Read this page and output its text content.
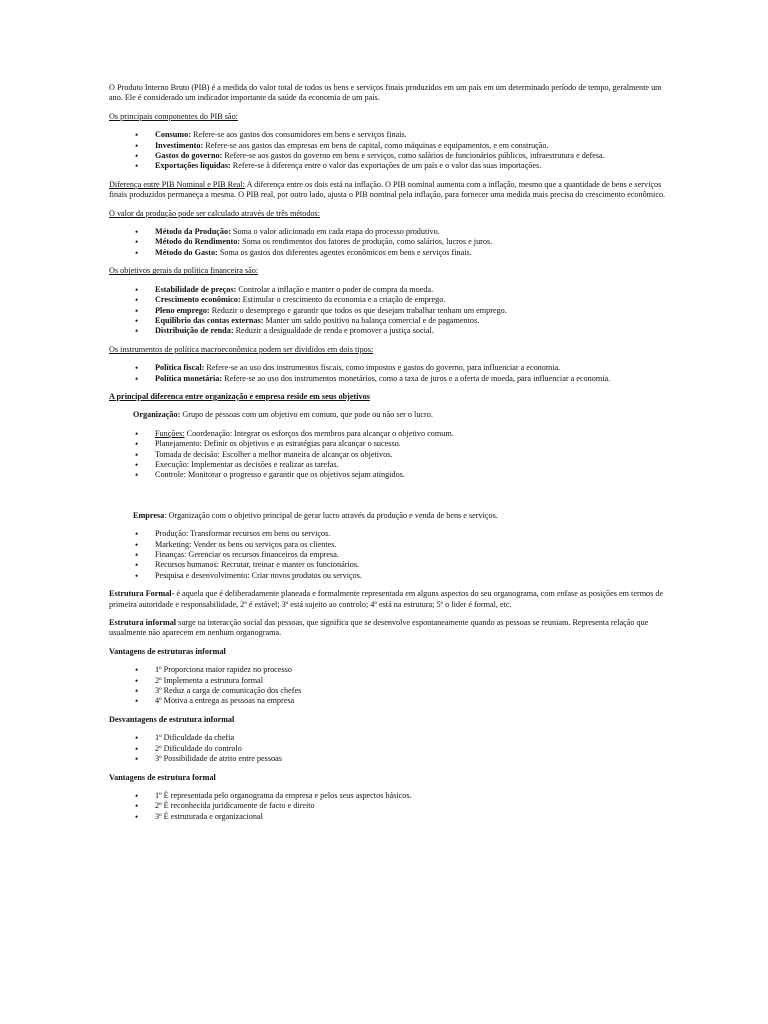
O Produto Interno Bruto (PIB) é a medida do valor total de todos os bens e serviços finais produzidos em um país em um determinado período de tempo, geralmente um ano. Ele é considerado um indicador importante da saúde da economia de um país.

Os principais componentes do PIB são:

• Consumo: Refere-se aos gastos dos consumidores em bens e serviços finais.
• Investimento: Refere-se aos gastos das empresas em bens de capital, como máquinas e equipamentos, e em construção.
• Gastos do governo: Refere-se aos gastos do governo em bens e serviços, como salários de funcionários públicos, infraestrutura e defesa.
• Exportações líquidas: Refere-se à diferença entre o valor das exportações de um país e o valor das suas importações.

Diferença entre PIB Nominal e PIB Real: A diferença entre os dois está na inflação. O PIB nominal aumenta com a inflação, mesmo que a quantidade de bens e serviços finais produzidos permaneça a mesma. O PIB real, por outro lado, ajusta o PIB nominal pela inflação, para fornecer uma medida mais precisa do crescimento econômico.

O valor da produção pode ser calculado através de três métodos:

• Método da Produção: Soma o valor adicionado em cada etapa do processo produtivo.
• Método do Rendimento: Soma os rendimentos dos fatores de produção, como salários, lucros e juros.
• Método do Gasto: Soma os gastos dos diferentes agentes econômicos em bens e serviços finais.

Os objetivos gerais da política financeira são:

• Estabilidade de preços: Controlar a inflação e manter o poder de compra da moeda.
• Crescimento econômico: Estimular o crescimento da economia e a criação de emprego.
• Pleno emprego: Reduzir o desemprego e garantir que todos os que desejam trabalhar tenham um emprego.
• Equilíbrio das contas externas: Manter um saldo positivo na balança comercial e de pagamentos.
• Distribuição de renda: Reduzir a desigualdade de renda e promover a justiça social.

Os instrumentos de política macroeconômica podem ser divididos em dois tipos:

• Política fiscal: Refere-se ao uso dos instrumentos fiscais, como impostos e gastos do governo, para influenciar a economia.
• Política monetária: Refere-se ao uso dos instrumentos monetários, como a taxa de juros e a oferta de moeda, para influenciar a economia.

A principal diferenca entre organização e empresa reside em seus objetivos

Organização: Grupo de pessoas com um objetivo em comum, que pode ou não ser o lucro.

• Funções: Coordenação: Integrar os esforços dos membros para alcançar o objetivo comum.
• Planejamento: Definir os objetivos e as estratégias para alcançar o sucesso.
• Tomada de decisão: Escolher a melhor maneira de alcançar os objetivos.
• Execução: Implementar as decisões e realizar as tarefas.
• Controle: Monitorar o progresso e garantir que os objetivos sejam atingidos.

Empresa: Organização com o objetivo principal de gerar lucro através da produção e venda de bens e serviços.

• Produção: Transformar recursos em bens ou serviços.
• Marketing: Vender os bens ou serviços para os clientes.
• Finanças: Gerenciar os recursos financeiros da empresa.
• Recursos humanos: Recrutar, treinar e manter os funcionários.
• Pesquisa e desenvolvimento: Criar novos produtos ou serviços.

Estrutura Formal- é aquela que é deliberadamente planeada e formalmente representada em alguns aspectos do seu organograma, com enfase as posições em termos de primeira autoridade e responsabilidade, 2º é estável; 3º está sujeito ao controlo; 4º está na estrutura; 5º o lider é formal, etc.

Estrutura informal surge na interacção social das pessoas, que significa que se desenvolve espontaneamente quando as pessoas se reuniam. Representa relação que usualmente não aparecem em nenhum organograma.

Vantagens de estruturas informal

• 1º Proporciona maior rapidez no processo
• 2º Implementa a estrutura formal
• 3º Reduz a carga de comunicação dos chefes
• 4º Motiva a entrega as pessoas na empresa

Desvantagens de estrutura informal

• 1º Dificuldade da chefia
• 2º Dificuldade do controlo
• 3º Possibilidade de atrito entre pessoas

Vantagens de estrutura formal

• 1º É representada pelo organograma da empresa e pelos seus aspectos básicos.
• 2º É reconhecida juridicamente de facto e direito
• 3º É estruturada e organizacional
